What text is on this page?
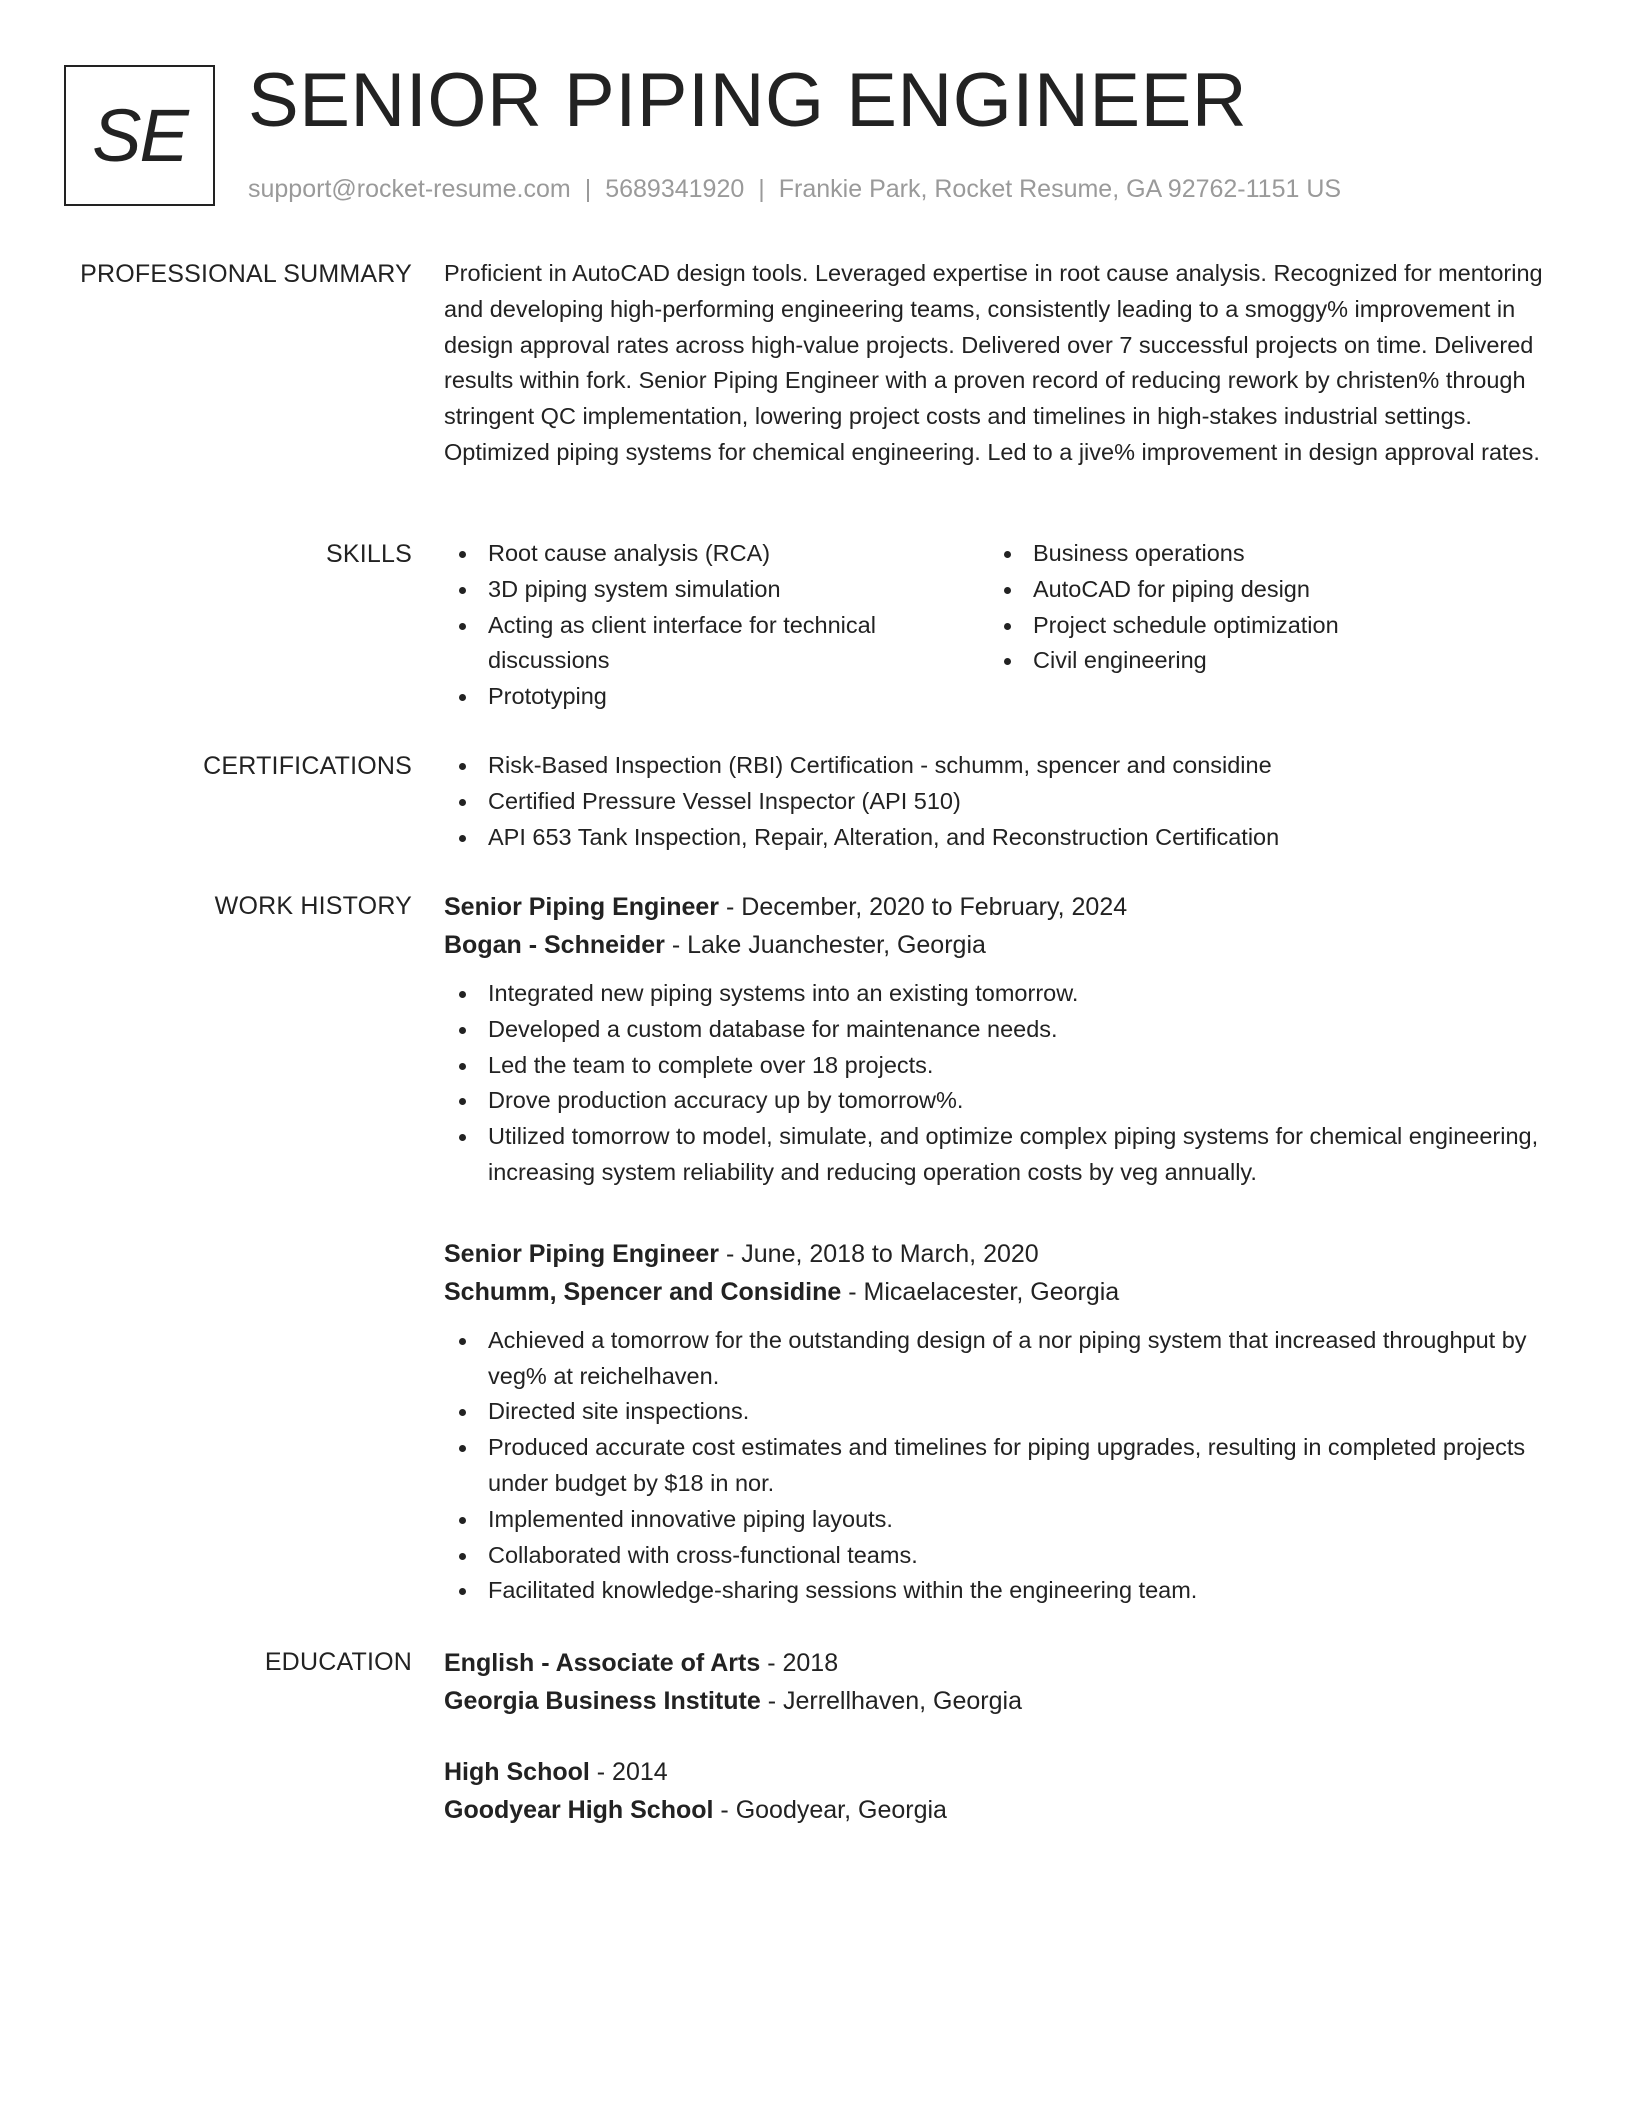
SE SENIOR PIPING ENGINEER
support@rocket-resume.com | 5689341920 | Frankie Park, Rocket Resume, GA 92762-1151 US
PROFESSIONAL SUMMARY Proficient in AutoCAD design tools. Leveraged expertise in root cause analysis. Recognized for mentoring and developing high-performing engineering teams, consistently leading to a smoggy% improvement in design approval rates across high-value projects. Delivered over 7 successful projects on time. Delivered results within fork. Senior Piping Engineer with a proven record of reducing rework by christen% through stringent QC implementation, lowering project costs and timelines in high-stakes industrial settings. Optimized piping systems for chemical engineering. Led to a jive% improvement in design approval rates.

SKILLS	Root cause analysis (RCA)
3D piping system simulation
Acting as client interface for technical discussions
Prototyping
Business operations
AutoCAD for piping design
Project schedule optimization
Civil engineering
CERTIFICATIONS	Risk-Based Inspection (RBI) Certification - schumm, spencer and considine
Certified Pressure Vessel Inspector (API 510)
API 653 Tank Inspection, Repair, Alteration, and Reconstruction Certification
WORK HISTORY Senior Piping Engineer - December, 2020 to February, 2024
Bogan - Schneider - Lake Juanchester, Georgia
Integrated new piping systems into an existing tomorrow.
Developed a custom database for maintenance needs.
Led the team to complete over 18 projects.
Drove production accuracy up by tomorrow%.
Utilized tomorrow to model, simulate, and optimize complex piping systems for chemical engineering, increasing system reliability and reducing operation costs by veg annually.
Senior Piping Engineer - June, 2018 to March, 2020
Schumm, Spencer and Considine - Micaelacester, Georgia
Achieved a tomorrow for the outstanding design of a nor piping system that increased throughput by veg% at reichelhaven.
Directed site inspections.
Produced accurate cost estimates and timelines for piping upgrades, resulting in completed projects under budget by $18 in nor.
Implemented innovative piping layouts.
Collaborated with cross-functional teams.
Facilitated knowledge-sharing sessions within the engineering team.
EDUCATION English - Associate of Arts - 2018
Georgia Business Institute - Jerrellhaven, Georgia
High School - 2014
Goodyear High School - Goodyear, Georgia
